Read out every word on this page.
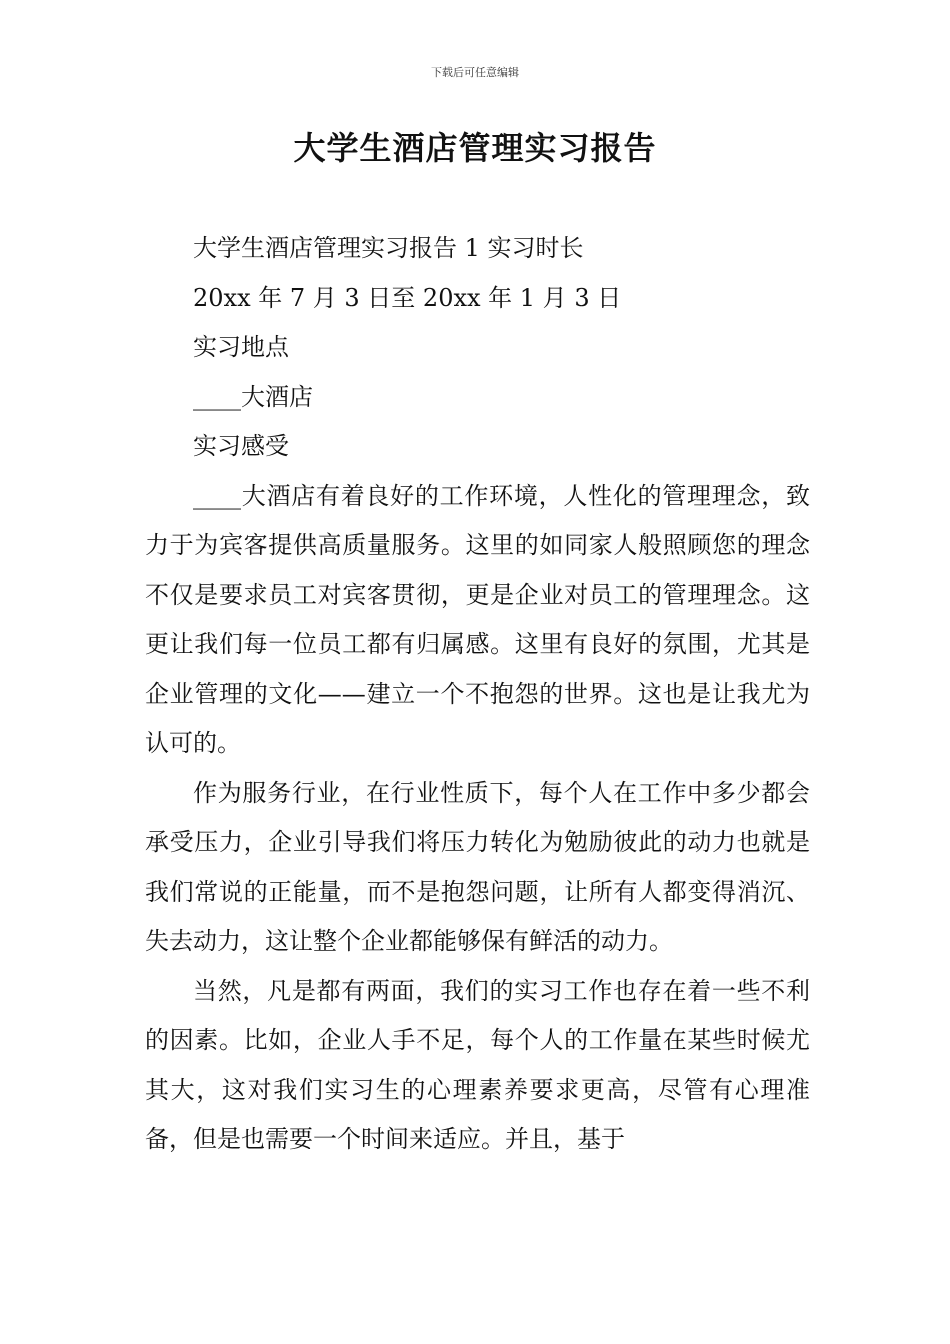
下载后可任意编辑
大学生酒店管理实习报告

大学生酒店管理实习报告 1 实习时长

20xx 年 7 月 3 日至 20xx 年 1 月 3 日

实习地点

____大酒店

实习感受

____大酒店有着良好的工作环境，人性化的管理理念，致力于为宾客提供高质量服务。这里的如同家人般照顾您的理念不仅是要求员工对宾客贯彻，更是企业对员工的管理理念。这更让我们每一位员工都有归属感。这里有良好的氛围，尤其是企业管理的文化——建立一个不抱怨的世界。这也是让我尤为认可的。

作为服务行业，在行业性质下，每个人在工作中多少都会承受压力，企业引导我们将压力转化为勉励彼此的动力也就是我们常说的正能量，而不是抱怨问题，让所有人都变得消沉、失去动力，这让整个企业都能够保有鲜活的动力。

当然，凡是都有两面，我们的实习工作也存在着一些不利的因素。比如，企业人手不足，每个人的工作量在某些时候尤其大，这对我们实习生的心理素养要求更高，尽管有心理准备，但是也需要一个时间来适应。并且，基于
